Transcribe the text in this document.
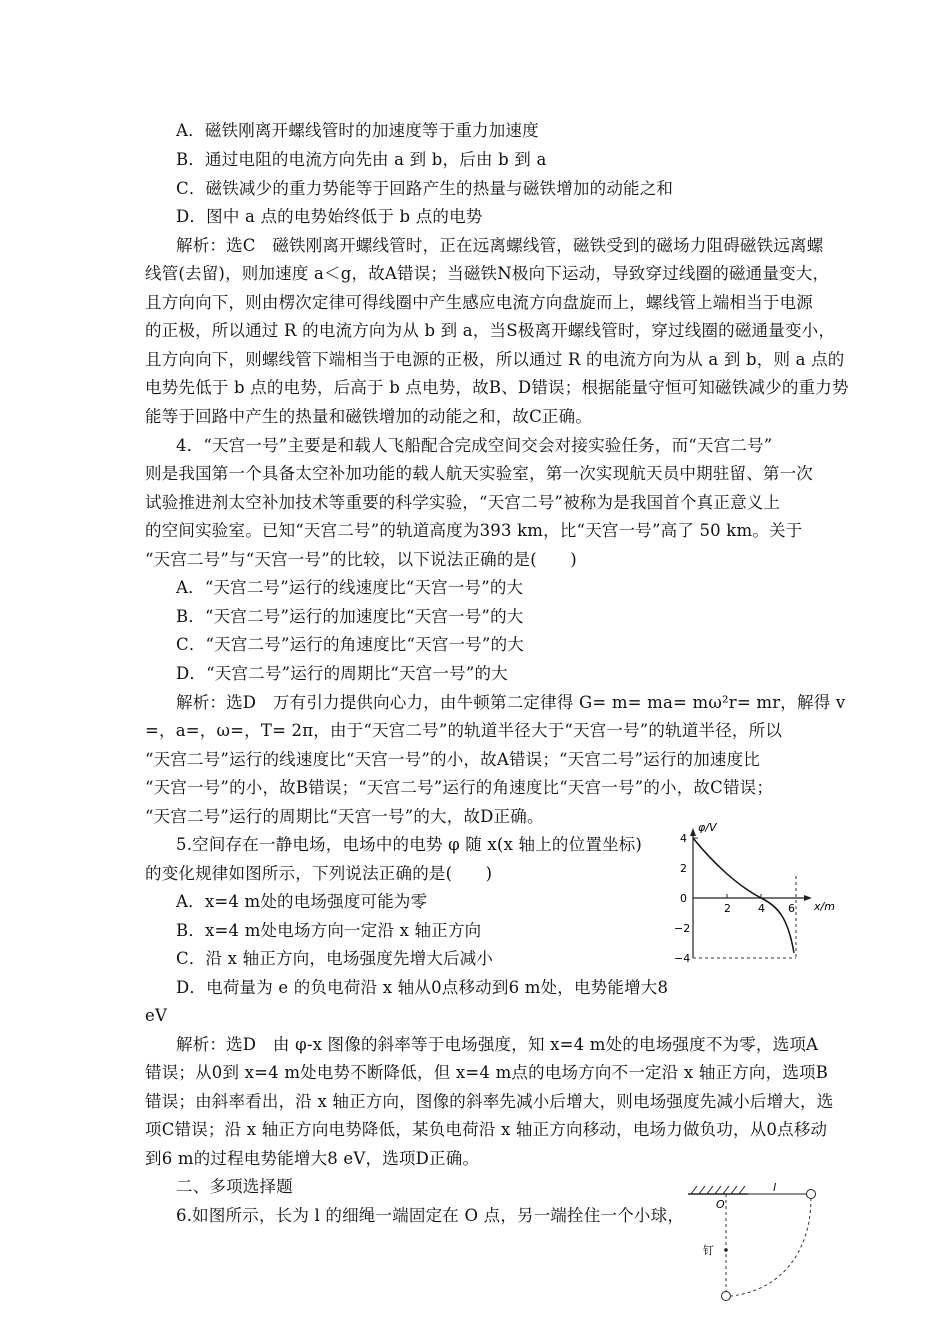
A．磁铁刚离开螺线管时的加速度等于重力加速度
B．通过电阻的电流方向先由 a 到 b，后由 b 到 a
C．磁铁减少的重力势能等于回路产生的热量与磁铁增加的动能之和
D．图中 a 点的电势始终低于 b 点的电势
解析：选C　磁铁刚离开螺线管时，正在远离螺线管，磁铁受到的磁场力阻碍磁铁远离螺
线管(去留)，则加速度 a＜g，故A错误；当磁铁N极向下运动，导致穿过线圈的磁通量变大，
且方向向下，则由楞次定律可得线圈中产生感应电流方向盘旋而上，螺线管上端相当于电源
的正极，所以通过 R 的电流方向为从 b 到 a，当S极离开螺线管时，穿过线圈的磁通量变小，
且方向向下，则螺线管下端相当于电源的正极，所以通过 R 的电流方向为从 a 到 b，则 a 点的
电势先低于 b 点的电势，后高于 b 点电势，故B、D错误；根据能量守恒可知磁铁减少的重力势
能等于回路中产生的热量和磁铁增加的动能之和，故C正确。
4．“天宫一号”主要是和载人飞船配合完成空间交会对接实验任务，而“天宫二号”
则是我国第一个具备太空补加功能的载人航天实验室，第一次实现航天员中期驻留、第一次
试验推进剂太空补加技术等重要的科学实验，“天宫二号”被称为是我国首个真正意义上
的空间实验室。已知“天宫二号”的轨道高度为393 km，比“天宫一号”高了 50 km。关于
“天宫二号”与“天宫一号”的比较，以下说法正确的是(　　)
A．“天宫二号”运行的线速度比“天宫一号”的大
B．“天宫二号”运行的加速度比“天宫一号”的大
C．“天宫二号”运行的角速度比“天宫一号”的大
D．“天宫二号”运行的周期比“天宫一号”的大
解析：选D　万有引力提供向心力，由牛顿第二定律得 G= m= ma= mω²r= mr，解得 v
=，a=，ω=，T= 2π，由于“天宫二号”的轨道半径大于“天宫一号”的轨道半径，所以
“天宫二号”运行的线速度比“天宫一号”的小，故A错误；“天宫二号”运行的加速度比
“天宫一号”的小，故B错误；“天宫二号”运行的角速度比“天宫一号”的小，故C错误；
“天宫二号”运行的周期比“天宫一号”的大，故D正确。
5.空间存在一静电场，电场中的电势 φ 随 x(x 轴上的位置坐标)
的变化规律如图所示，下列说法正确的是(　　)
A．x=4 m处的电场强度可能为零
B．x=4 m处电场方向一定沿 x 轴正方向
C．沿 x 轴正方向，电场强度先增大后减小
D．电荷量为 e 的负电荷沿 x 轴从0点移动到6 m处，电势能增大8
eV
解析：选D　由 φ-x 图像的斜率等于电场强度，知 x=4 m处的电场强度不为零，选项A
错误；从0到 x=4 m处电势不断降低，但 x=4 m点的电场方向不一定沿 x 轴正方向，选项B
错误；由斜率看出，沿 x 轴正方向，图像的斜率先减小后增大，则电场强度先减小后增大，选
项C错误；沿 x 轴正方向电势降低，某负电荷沿 x 轴正方向移动，电场力做负功，从0点移动
到6 m的过程电势能增大8 eV，选项D正确。
二、多项选择题
6.如图所示，长为 l 的细绳一端固定在 O 点，另一端拴住一个小球，
φ/V
x/m
4
2
0
−2
−4
2 4 6
O
l
钉
